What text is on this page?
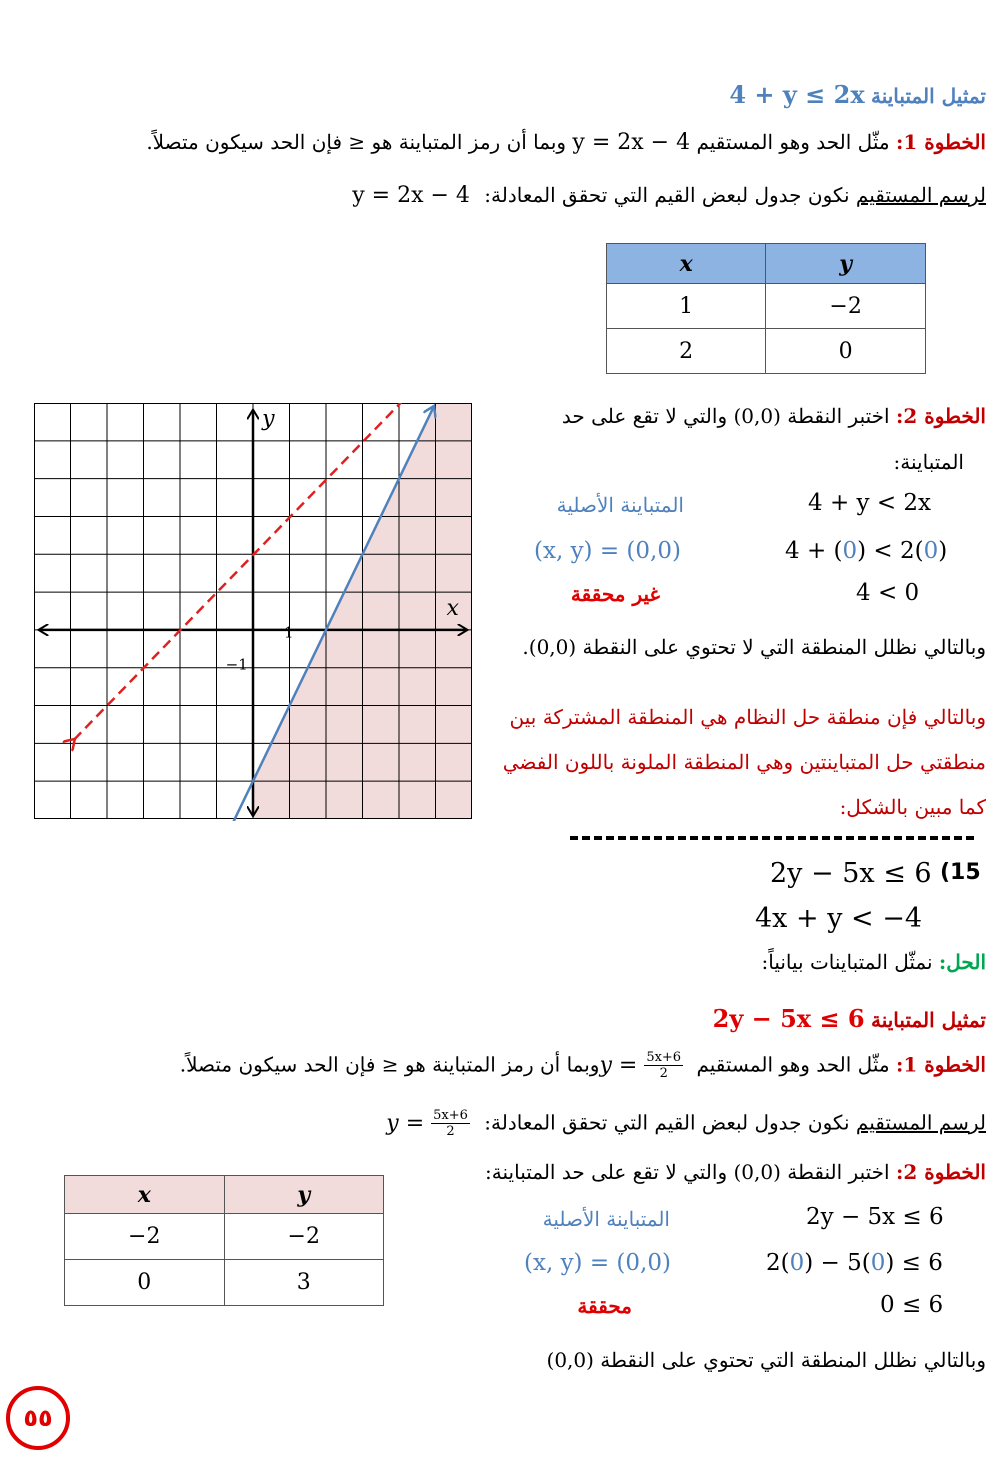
تمثيل المتباينة 4 + y ≤ 2x
الخطوة 1: مثّل الحد وهو المستقيم y = 2x − 4 وبما أن رمز المتباينة هو ≤ فإن الحد سيكون متصلاً.
لرسم المستقيم نكون جدول لبعض القيم التي تحقق المعادلة: y = 2x − 4
x	y
1	−2
2	0
x
y
1
−1
الخطوة 2: اختبر النقطة (0,0) والتي لا تقع على حد
المتباينة:
المتباينة الأصلية	4 + y < 2x
(x, y) = (0,0)	4 + (0) < 2(0)
غير محققة	4 < 0
وبالتالي نظلل المنطقة التي لا تحتوي على النقطة (0,0).
وبالتالي فإن منطقة حل النظام هي المنطقة المشتركة بين
منطقتي حل المتباينتين وهي المنطقة الملونة باللون الفضي
كما مبين بالشكل:
(15
2y − 5x ≤ 6
4x + y < −4
الحل: نمثّل المتباينات بيانياً:
تمثيل المتباينة 2y − 5x ≤ 6
الخطوة 1: مثّل الحد وهو المستقيم $y = \frac{5x+6}{2}$
وبما أن رمز المتباينة هو ≤ فإن الحد سيكون متصلاً.
لرسم المستقيم نكون جدول لبعض القيم التي تحقق المعادلة: $y = \frac{5x+6}{2}$
x	y
−2	−2
0	3
الخطوة 2: اختبر النقطة (0,0) والتي لا تقع على حد المتباينة:
المتباينة الأصلية	2y − 5x ≤ 6
(x, y) = (0,0)	2(0) − 5(0) ≤ 6
محققة	0 ≤ 6
وبالتالي نظلل المنطقة التي تحتوي على النقطة (0,0)
٥٥
